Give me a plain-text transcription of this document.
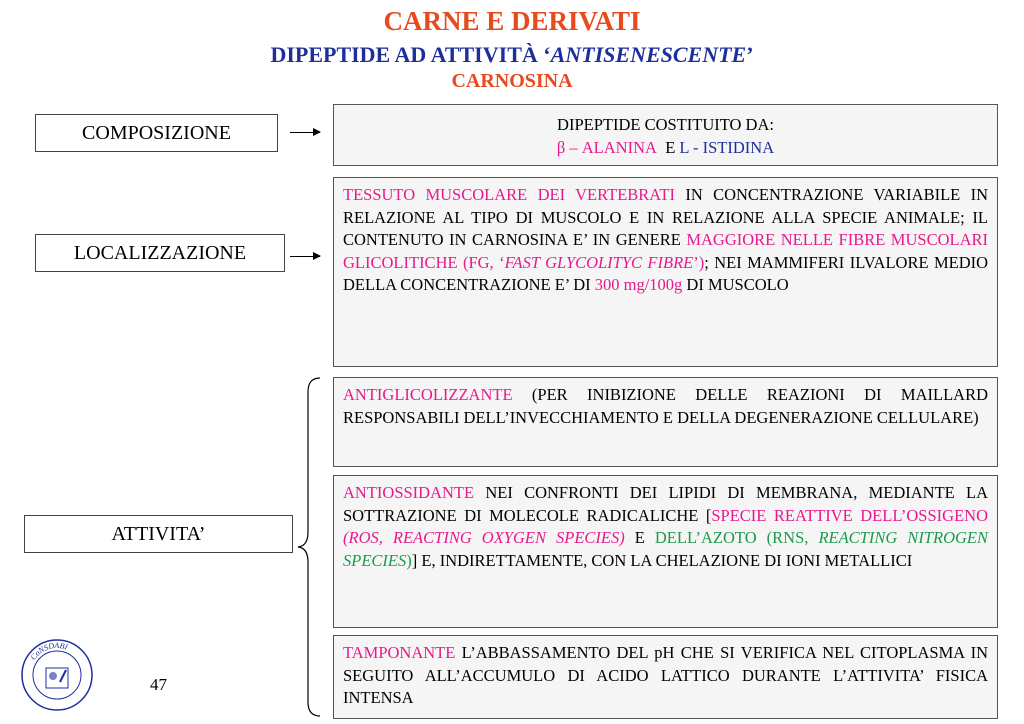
CARNE E DERIVATI
DIPEPTIDE AD ATTIVITÀ ‘ANTISENESCENTE’
CARNOSINA
COMPOSIZIONE	DIPEPTIDE COSTITUITO DA:
β – ALANINA E L - ISTIDINA
LOCALIZZAZIONE
TESSUTO MUSCOLARE DEI VERTEBRATI IN CONCENTRAZIONE VARIABILE IN RELAZIONE AL TIPO DI MUSCOLO E IN RELAZIONE ALLA SPECIE ANIMALE; IL CONTENUTO IN CARNOSINA E’ IN GENERE MAGGIORE NELLE FIBRE MUSCOLARI GLICOLITICHE (FG, ‘FAST GLYCOLITYC FIBRE’); NEI MAMMIFERI ILVALORE MEDIO DELLA CONCENTRAZIONE E’ DI 300 mg/100g DI MUSCOLO
ATTIVITA’
ANTIGLICOLIZZANTE (PER INIBIZIONE DELLE REAZIONI DI MAILLARD RESPONSABILI DELL’INVECCHIAMENTO E DELLA DEGENERAZIONE CELLULARE)
ANTIOSSIDANTE NEI CONFRONTI DEI LIPIDI DI MEMBRANA, MEDIANTE LA SOTTRAZIONE DI MOLECOLE RADICALICHE [SPECIE REATTIVE DELL’OSSIGENO (ROS, REACTING OXYGEN SPECIES) E DELL’AZOTO (RNS, REACTING NITROGEN SPECIES)] E, INDIRETTAMENTE, CON LA CHELAZIONE DI IONI METALLICI
TAMPONANTE L’ABBASSAMENTO DEL pH CHE SI VERIFICA NEL CITOPLASMA IN SEGUITO ALL’ACCUMULO DI ACIDO LATTICO DURANTE L’ATTIVITA’ FISICA INTENSA
CoNSDABI
47
